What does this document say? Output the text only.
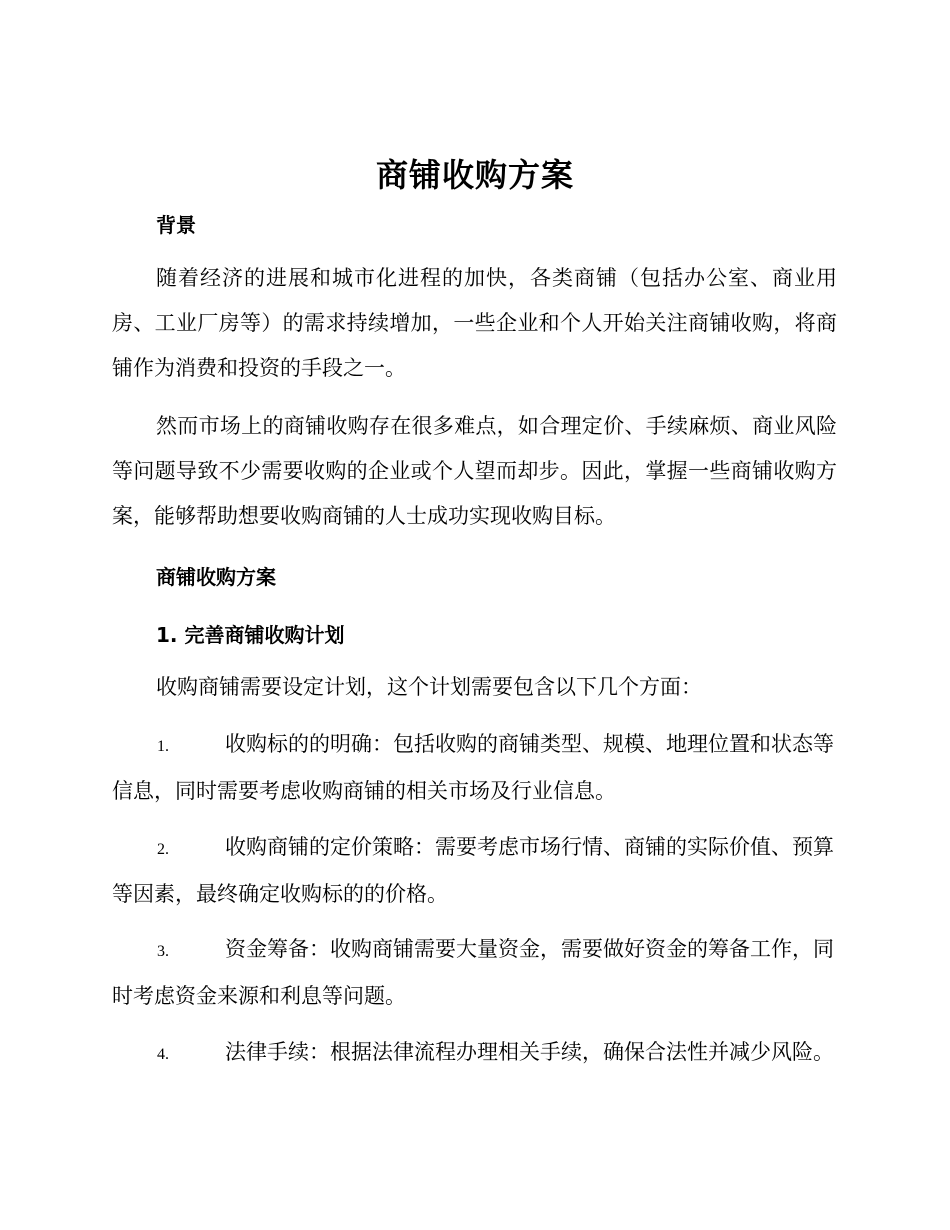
商铺收购方案
背景

随着经济的进展和城市化进程的加快，各类商铺（包括办公室、商业用房、工业厂房等）的需求持续增加，一些企业和个人开始关注商铺收购，将商铺作为消费和投资的手段之一。

然而市场上的商铺收购存在很多难点，如合理定价、手续麻烦、商业风险等问题导致不少需要收购的企业或个人望而却步。因此，掌握一些商铺收购方案，能够帮助想要收购商铺的人士成功实现收购目标。

商铺收购方案
1. 完善商铺收购计划

收购商铺需要设定计划，这个计划需要包含以下几个方面：

1.	收购标的的明确：包括收购的商铺类型、规模、地理位置和状态等信息，同时需要考虑收购商铺的相关市场及行业信息。

2.	收购商铺的定价策略：需要考虑市场行情、商铺的实际价值、预算等因素，最终确定收购标的的价格。

3.	资金筹备：收购商铺需要大量资金，需要做好资金的筹备工作，同时考虑资金来源和利息等问题。

4.	法律手续：根据法律流程办理相关手续，确保合法性并减少风险。
